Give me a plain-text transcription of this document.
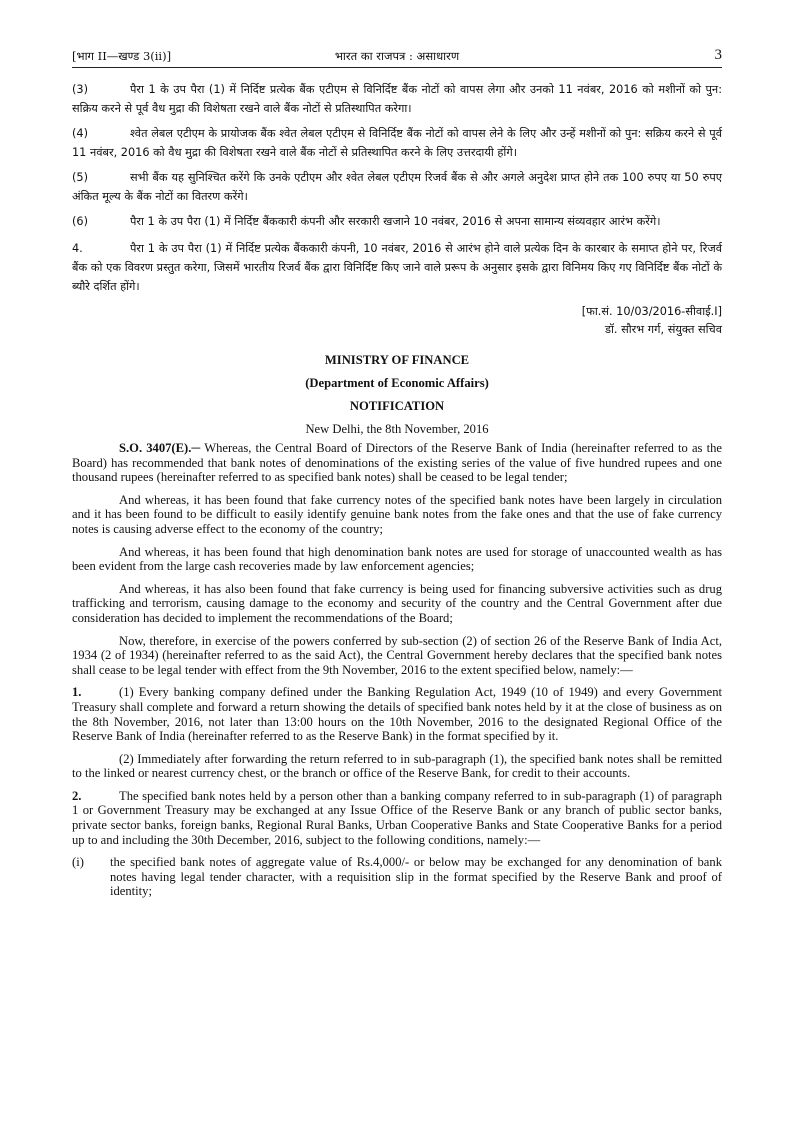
[भाग II—खण्ड 3(ii)]	भारत का राजपत्र : असाधारण	3

(3)	पैरा 1 के उप पैरा (1) में निर्दिष्ट प्रत्येक बैंक एटीएम से विनिर्दिष्ट बैंक नोटों को वापस लेगा और उनको 11 नवंबर, 2016 को मशीनों को पुन: सक्रिय करने से पूर्व वैध मुद्रा की विशेषता रखने वाले बैंक नोटों से प्रतिस्थापित करेगा।

(4)	श्वेत लेबल एटीएम के प्रायोजक बैंक श्वेत लेबल एटीएम से विनिर्दिष्ट बैंक नोटों को वापस लेने के लिए और उन्हें मशीनों को पुन: सक्रिय करने से पूर्व 11 नवंबर, 2016 को वैध मुद्रा की विशेषता रखने वाले बैंक नोटों से प्रतिस्थापित करने के लिए उत्तरदायी होंगे।

(5)	सभी बैंक यह सुनिश्चित करेंगे कि उनके एटीएम और श्वेत लेबल एटीएम रिजर्व बैंक से और अगले अनुदेश प्राप्त होने तक 100 रुपए या 50 रुपए अंकित मूल्य के बैंक नोटों का वितरण करेंगे।

(6)	पैरा 1 के उप पैरा (1) में निर्दिष्ट बैंककारी कंपनी और सरकारी खजाने 10 नवंबर, 2016 से अपना सामान्य संव्यवहार आरंभ करेंगे।

4.	पैरा 1 के उप पैरा (1) में निर्दिष्ट प्रत्येक बैंककारी कंपनी, 10 नवंबर, 2016 से आरंभ होने वाले प्रत्येक दिन के कारबार के समाप्त होने पर, रिजर्व बैंक को एक विवरण प्रस्तुत करेगा, जिसमें भारतीय रिजर्व बैंक द्वारा विनिर्दिष्ट किए जाने वाले प्ररूप के अनुसार इसके द्वारा विनिमय किए गए विनिर्दिष्ट बैंक नोटों के ब्यौरे दर्शित होंगे।

[फा.सं. 10/03/2016-सीवाई.I]

डॉ. सौरभ गर्ग, संयुक्त सचिव

MINISTRY OF FINANCE

(Department of Economic Affairs)

NOTIFICATION

New Delhi, the 8th November, 2016

S.O. 3407(E).─ Whereas, the Central Board of Directors of the Reserve Bank of India (hereinafter referred to as the Board) has recommended that bank notes of denominations of the existing series of the value of five hundred rupees and one thousand rupees (hereinafter referred to as specified bank notes) shall be ceased to be legal tender;

And whereas, it has been found that fake currency notes of the specified bank notes have been largely in circulation and it has been found to be difficult to easily identify genuine bank notes from the fake ones and that the use of fake currency notes is causing adverse effect to the economy of the country;

And whereas, it has been found that high denomination bank notes are used for storage of unaccounted wealth as has been evident from the large cash recoveries made by law enforcement agencies;

And whereas, it has also been found that fake currency is being used for financing subversive activities such as drug trafficking and terrorism, causing damage to the economy and security of the country and the Central Government after due consideration has decided to implement the recommendations of the Board;

Now, therefore, in exercise of the powers conferred by sub-section (2) of section 26 of the Reserve Bank of India Act, 1934 (2 of 1934) (hereinafter referred to as the said Act), the Central Government hereby declares that the specified bank notes shall cease to be legal tender with effect from the 9th November, 2016 to the extent specified below, namely:—

1.	(1) Every banking company defined under the Banking Regulation Act, 1949 (10 of 1949) and every Government Treasury shall complete and forward a return showing the details of specified bank notes held by it at the close of business as on the 8th November, 2016, not later than 13:00 hours on the 10th November, 2016 to the designated Regional Office of the Reserve Bank of India (hereinafter referred to as the Reserve Bank) in the format specified by it.

(2) Immediately after forwarding the return referred to in sub-paragraph (1), the specified bank notes shall be remitted to the linked or nearest currency chest, or the branch or office of the Reserve Bank, for credit to their accounts.

2.	The specified bank notes held by a person other than a banking company referred to in sub-paragraph (1) of paragraph 1 or Government Treasury may be exchanged at any Issue Office of the Reserve Bank or any branch of public sector banks, private sector banks, foreign banks, Regional Rural Banks, Urban Cooperative Banks and State Cooperative Banks for a period up to and including the 30th December, 2016, subject to the following conditions, namely:—

(i) the specified bank notes of aggregate value of Rs.4,000/- or below may be exchanged for any denomination of bank notes having legal tender character, with a requisition slip in the format specified by the Reserve Bank and proof of identity;
